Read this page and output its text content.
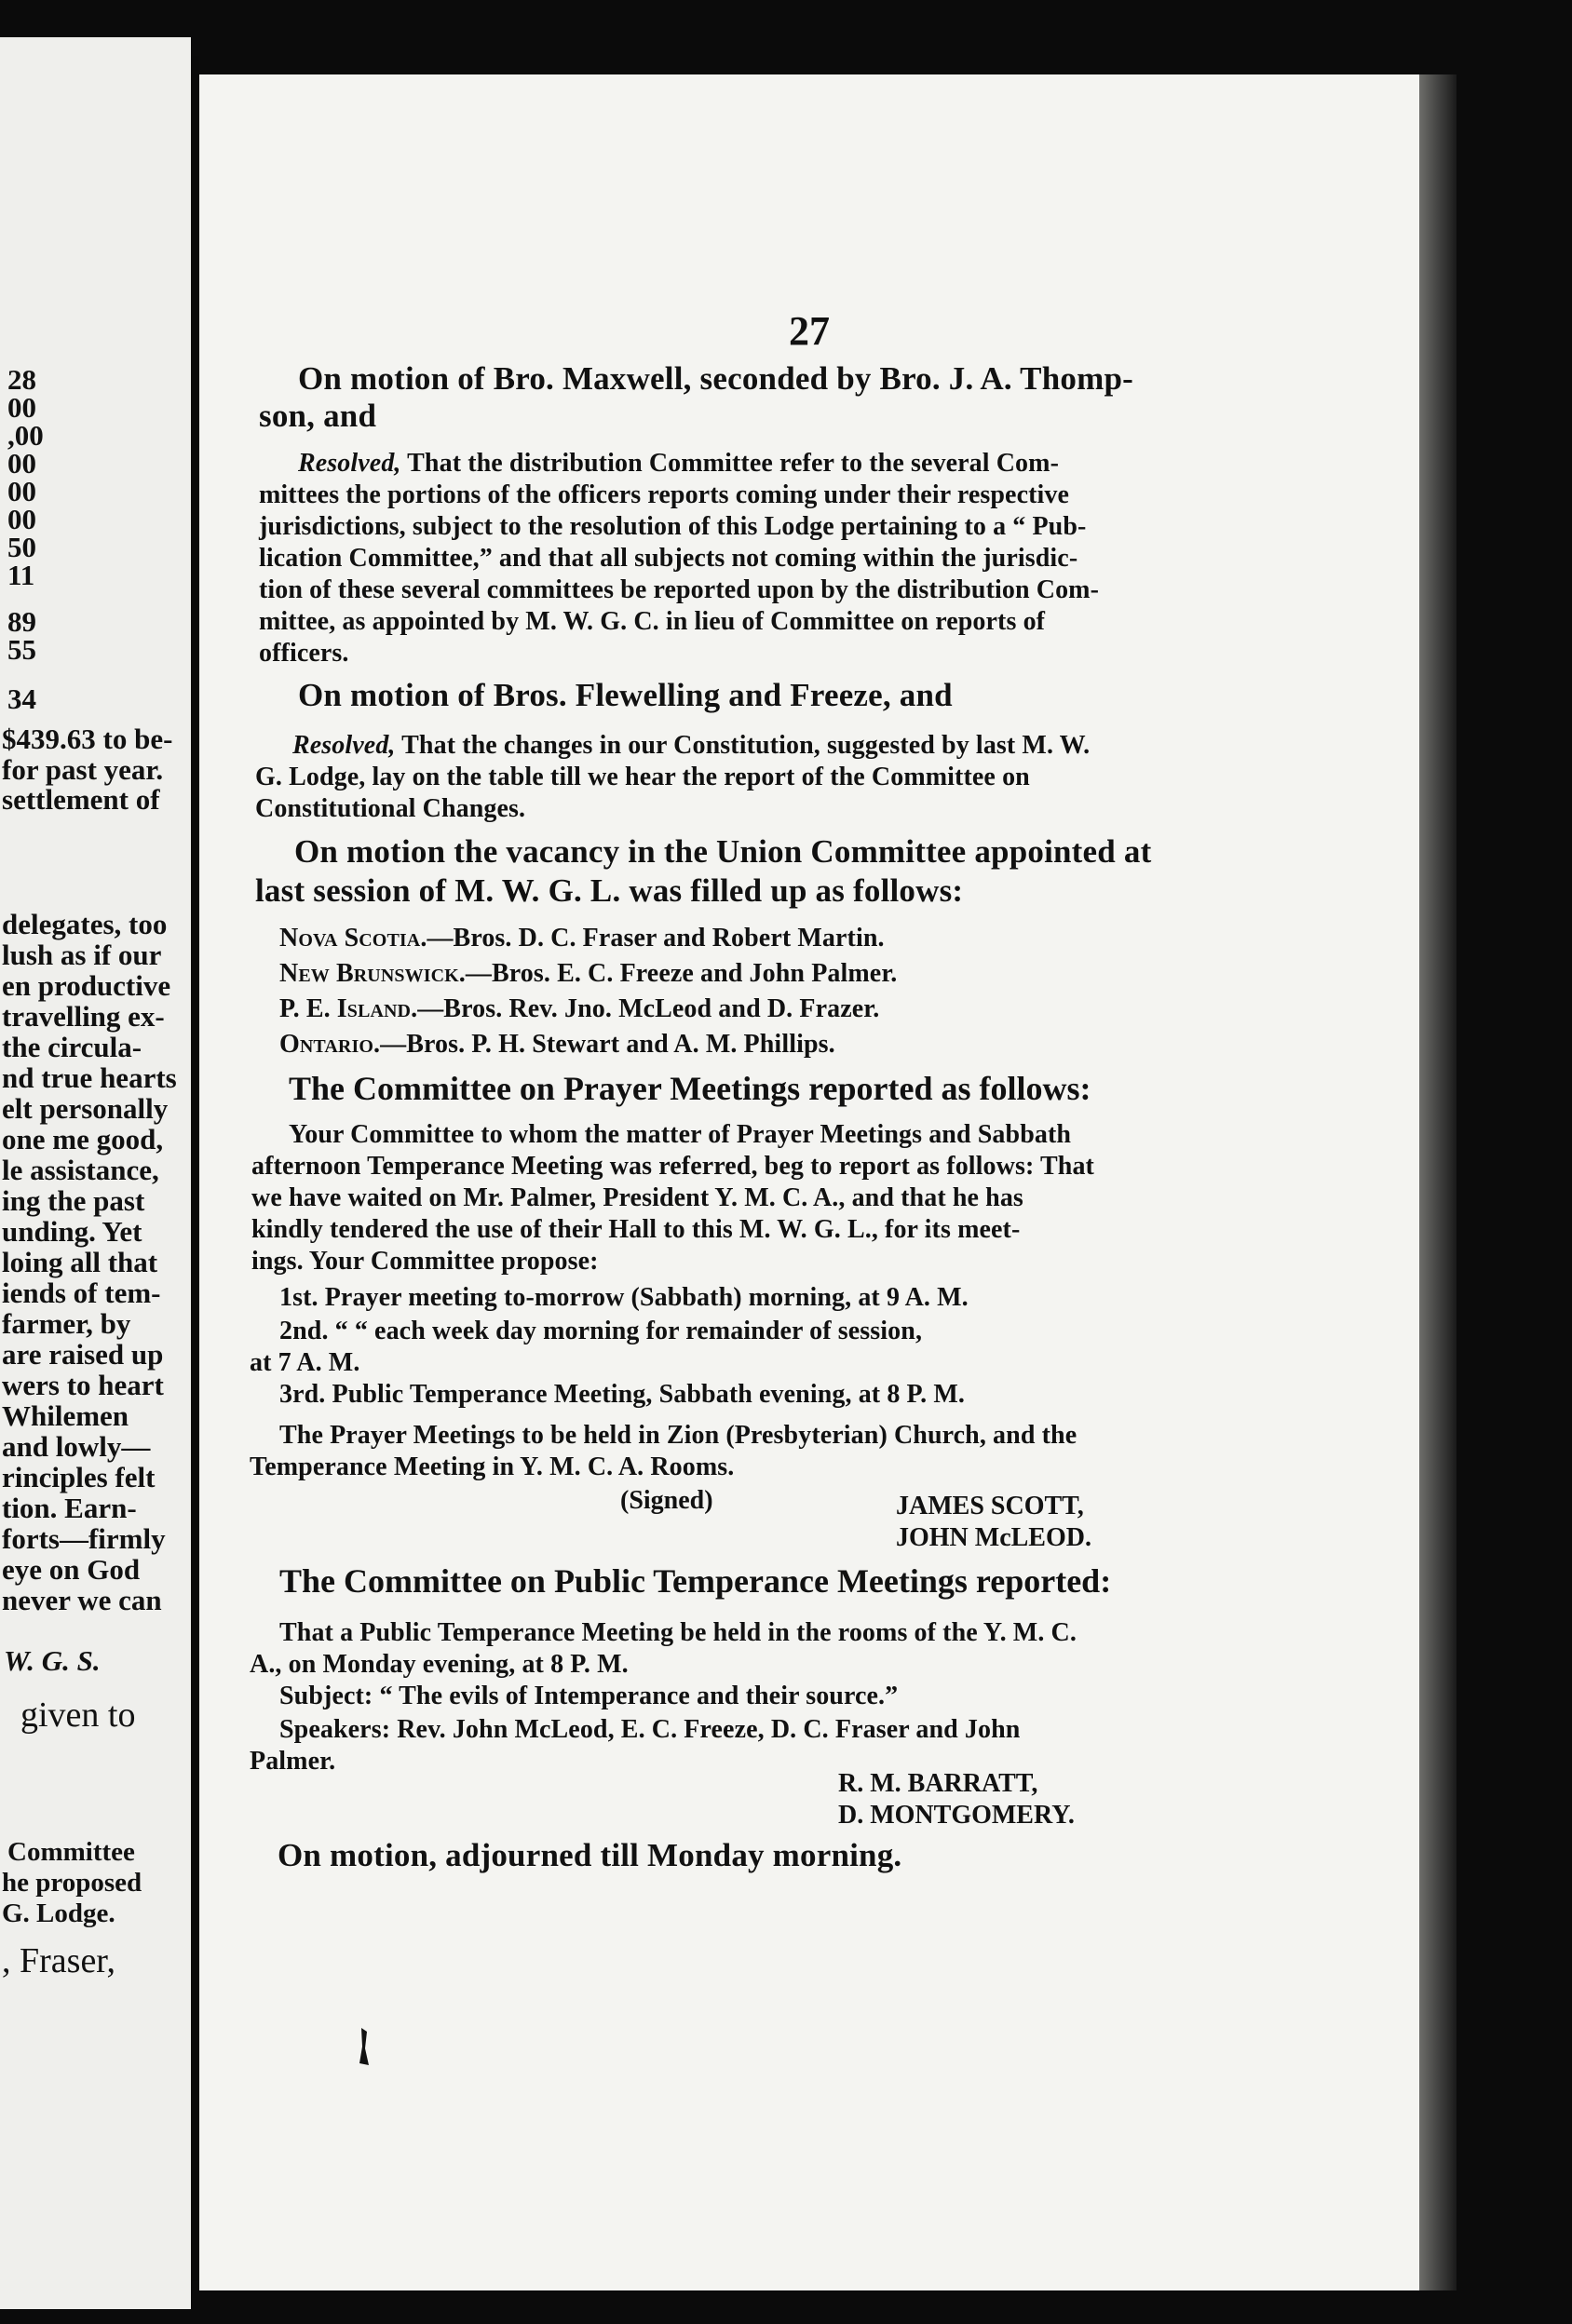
28
00
,00
00
00
00
50
11
89
55
34
$439.63 to be-
for past year.
settlement of
delegates, too
lush as if our
en productive
travelling ex-
the circula-
nd true hearts
elt personally
one me good,
le assistance,
ing the past
unding. Yet
loing all that
iends of tem-
farmer, by
are raised up
wers to heart
Whilemen
and lowly—
rinciples felt
tion. Earn-
forts—firmly
eye on God
never we can
W. G. S.
given to
Committee
he proposed
G. Lodge.
, Fraser,
27
On motion of Bro. Maxwell, seconded by Bro. J. A. Thomp-
son, and
Resolved, That the distribution Committee refer to the several Com-
mittees the portions of the officers reports coming under their respective
jurisdictions, subject to the resolution of this Lodge pertaining to a “ Pub-
lication Committee,” and that all subjects not coming within the jurisdic-
tion of these several committees be reported upon by the distribution Com-
mittee, as appointed by M. W. G. C. in lieu of Committee on reports of
officers.
On motion of Bros. Flewelling and Freeze, and
Resolved, That the changes in our Constitution, suggested by last M. W.
G. Lodge, lay on the table till we hear the report of the Committee on
Constitutional Changes.
On motion the vacancy in the Union Committee appointed at
last session of M. W. G. L. was filled up as follows:
Nova Scotia.—Bros. D. C. Fraser and Robert Martin.
New Brunswick.—Bros. E. C. Freeze and John Palmer.
P. E. Island.—Bros. Rev. Jno. McLeod and D. Frazer.
Ontario.—Bros. P. H. Stewart and A. M. Phillips.
The Committee on Prayer Meetings reported as follows:
Your Committee to whom the matter of Prayer Meetings and Sabbath
afternoon Temperance Meeting was referred, beg to report as follows: That
we have waited on Mr. Palmer, President Y. M. C. A., and that he has
kindly tendered the use of their Hall to this M. W. G. L., for its meet-
ings. Your Committee propose:
1st. Prayer meeting to-morrow (Sabbath) morning, at 9 A. M.
2nd. “ “ each week day morning for remainder of session,
at 7 A. M.
3rd. Public Temperance Meeting, Sabbath evening, at 8 P. M.
The Prayer Meetings to be held in Zion (Presbyterian) Church, and the
Temperance Meeting in Y. M. C. A. Rooms.
(Signed)	JAMES SCOTT,
JOHN McLEOD.
The Committee on Public Temperance Meetings reported:
That a Public Temperance Meeting be held in the rooms of the Y. M. C.
A., on Monday evening, at 8 P. M.
Subject: “ The evils of Intemperance and their source.”
Speakers: Rev. John McLeod, E. C. Freeze, D. C. Fraser and John
Palmer.
R. M. BARRATT,
D. MONTGOMERY.
On motion, adjourned till Monday morning.
